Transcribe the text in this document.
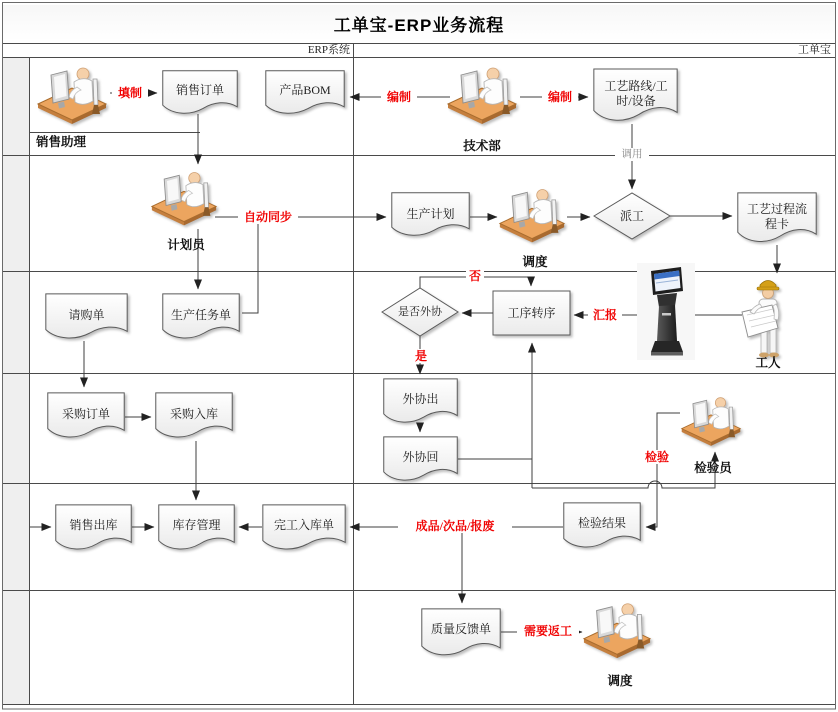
工单宝-ERP业务流程
ERP系统	工单宝
销售订单	产品BOM	工艺路线/工时/设备
生产计划	派工	工艺过程流程卡
请购单	生产任务单	是否外协	工序转序
采购订单	采购入库
外协出
外协回
销售出库	库存管理	完工入库单	检验结果
质量反馈单
销售助理	技术部
计划员
调度
工人
检验员
调度
填制	编制	编制
调用
自动同步
否
是
汇报
检验
成品/次品/报废
需要返工
